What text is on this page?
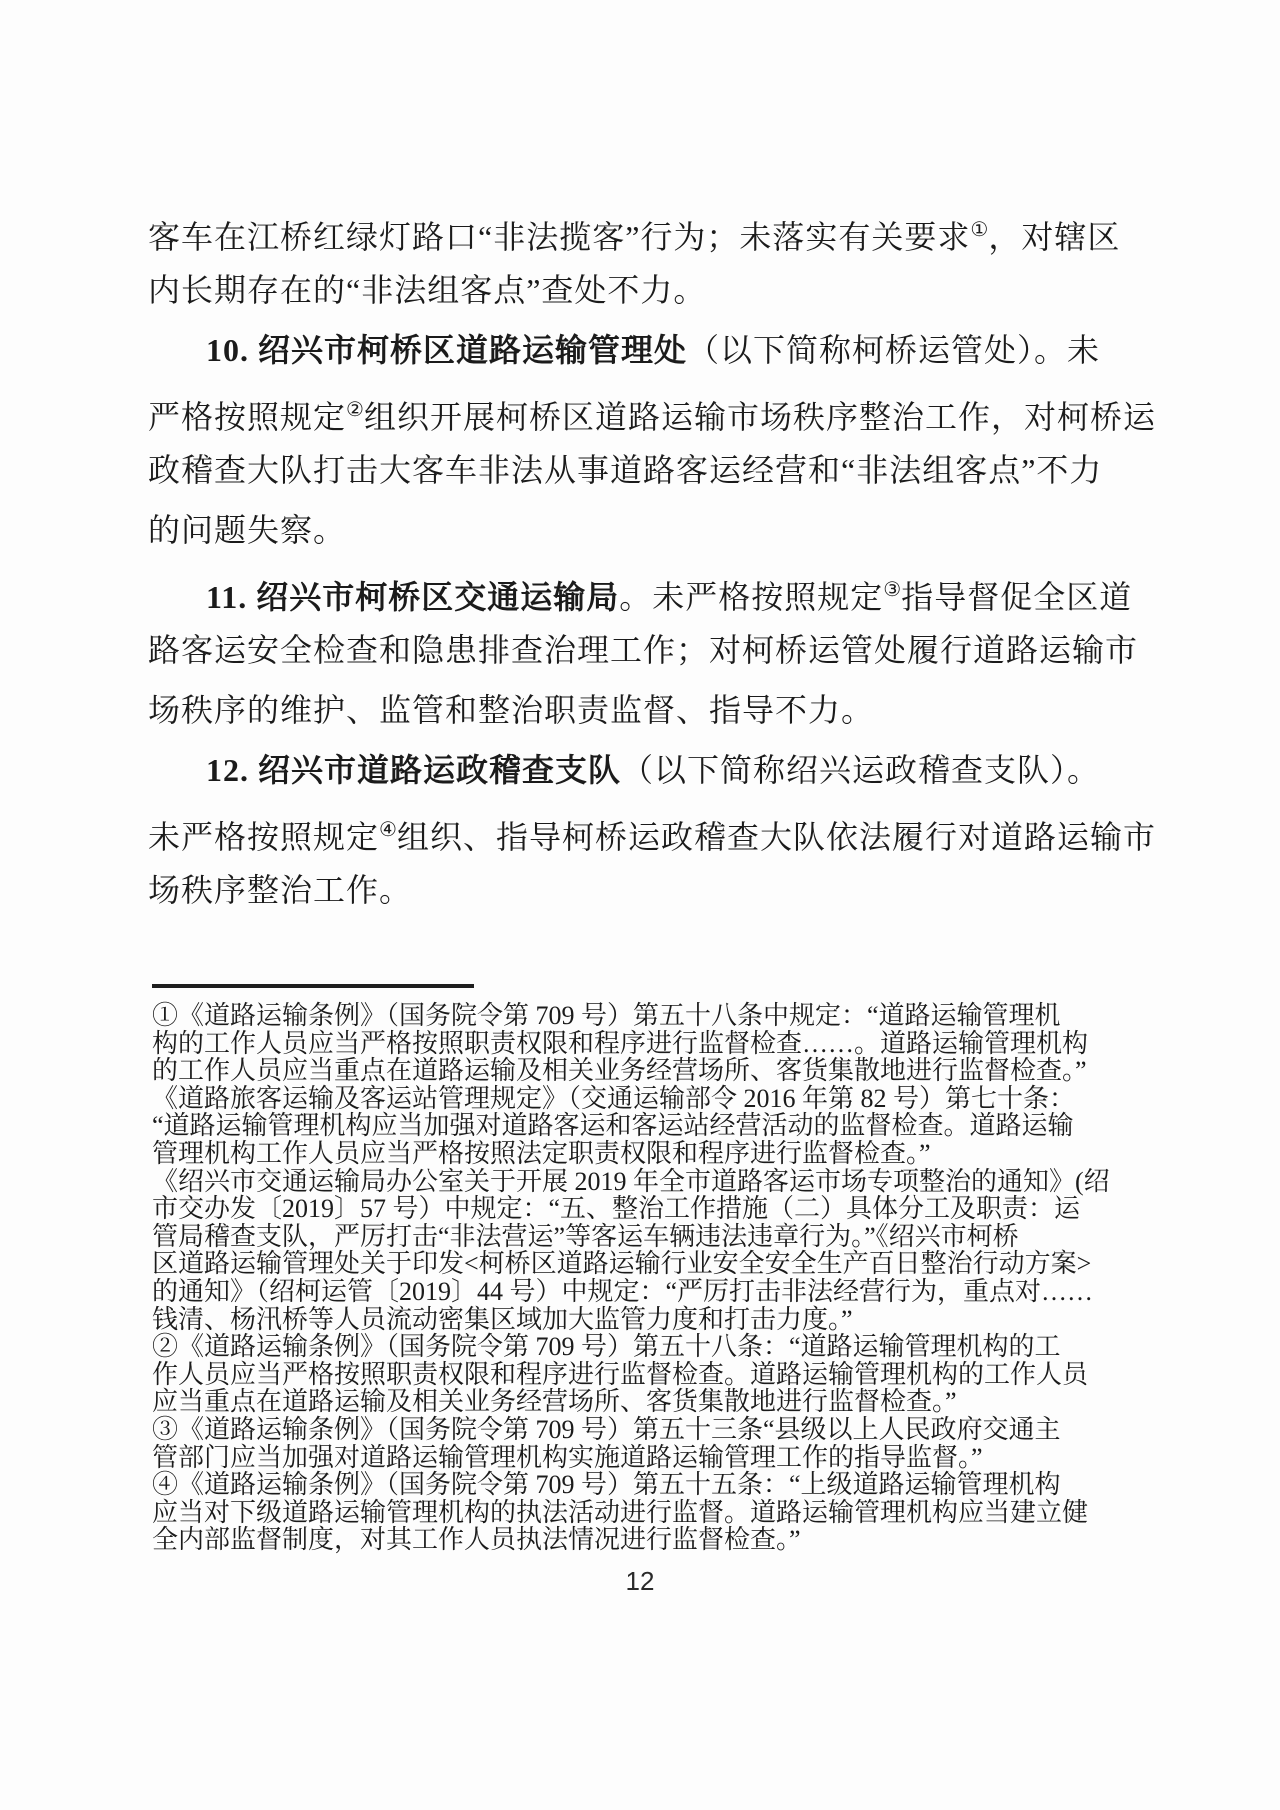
客车在江桥红绿灯路口“非法揽客”行为；未落实有关要求①，对辖区
内长期存在的“非法组客点”查处不力。
10. 绍兴市柯桥区道路运输管理处（以下简称柯桥运管处）。未
严格按照规定②组织开展柯桥区道路运输市场秩序整治工作，对柯桥运
政稽查大队打击大客车非法从事道路客运经营和“非法组客点”不力
的问题失察。
11. 绍兴市柯桥区交通运输局。未严格按照规定③指导督促全区道
路客运安全检查和隐患排查治理工作；对柯桥运管处履行道路运输市
场秩序的维护、监管和整治职责监督、指导不力。
12. 绍兴市道路运政稽查支队（以下简称绍兴运政稽查支队）。
未严格按照规定④组织、指导柯桥运政稽查大队依法履行对道路运输市
场秩序整治工作。
①《道路运输条例》（国务院令第 709 号）第五十八条中规定：“道路运输管理机
构的工作人员应当严格按照职责权限和程序进行监督检查……。道路运输管理机构
的工作人员应当重点在道路运输及相关业务经营场所、客货集散地进行监督检查。”
《道路旅客运输及客运站管理规定》（交通运输部令 2016 年第 82 号）第七十条：
“道路运输管理机构应当加强对道路客运和客运站经营活动的监督检查。道路运输
管理机构工作人员应当严格按照法定职责权限和程序进行监督检查。”
《绍兴市交通运输局办公室关于开展 2019 年全市道路客运市场专项整治的通知》(绍
市交办发〔2019〕57 号）中规定：“五、整治工作措施（二）具体分工及职责：运
管局稽查支队，严厉打击“非法营运”等客运车辆违法违章行为。”《绍兴市柯桥
区道路运输管理处关于印发<柯桥区道路运输行业安全安全生产百日整治行动方案>
的通知》（绍柯运管〔2019〕44 号）中规定：“严厉打击非法经营行为，重点对……
钱清、杨汛桥等人员流动密集区域加大监管力度和打击力度。”
②《道路运输条例》（国务院令第 709 号）第五十八条：“道路运输管理机构的工
作人员应当严格按照职责权限和程序进行监督检查。道路运输管理机构的工作人员
应当重点在道路运输及相关业务经营场所、客货集散地进行监督检查。”
③《道路运输条例》（国务院令第 709 号）第五十三条“县级以上人民政府交通主
管部门应当加强对道路运输管理机构实施道路运输管理工作的指导监督。”
④《道路运输条例》（国务院令第 709 号）第五十五条：“上级道路运输管理机构
应当对下级道路运输管理机构的执法活动进行监督。道路运输管理机构应当建立健
全内部监督制度，对其工作人员执法情况进行监督检查。”
12
